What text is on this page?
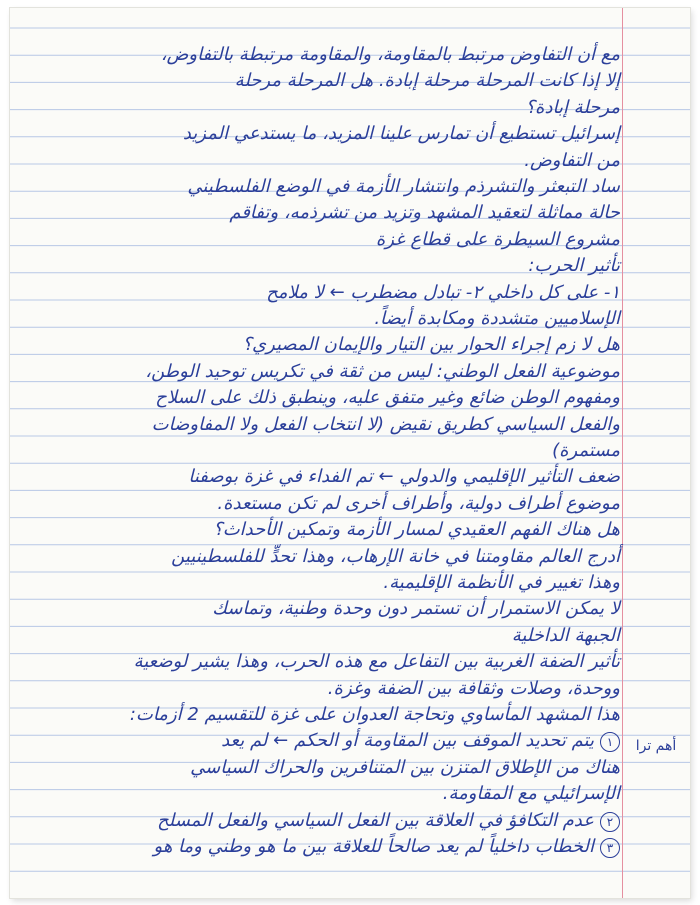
مع أن التفاوض مرتبط بالمقاومة، والمقاومة مرتبطة بالتفاوض،
إلا إذا كانت المرحلة مرحلة إبادة. هل المرحلة مرحلة
مرحلة إبادة؟
إسرائيل تستطيع أن تمارس علينا المزيد، ما يستدعي المزيد
من التفاوض.
ساد التبعثر والتشرذم وانتشار الأزمة في الوضع الفلسطيني
حالة مماثلة لتعقيد المشهد وتزيد من تشرذمه، وتفاقم
مشروع السيطرة على قطاع غزة
تأثير الحرب:
١- على كل داخلي ٢- تبادل مضطرب ← لا ملامح
الإسلاميين متشددة ومكابدة أيضاً.
هل لا زم إجراء الحوار بين التيار والإيمان المصيري؟
موضوعية الفعل الوطني: ليس من ثقة في تكريس توحيد الوطن،
ومفهوم الوطن ضائع وغير متفق عليه، وينطبق ذلك على السلاح
والفعل السياسي كطريق نقيض (لا انتخاب الفعل ولا المفاوضات
مستمرة)
ضعف التأثير الإقليمي والدولي ← تم الفداء في غزة بوصفنا
موضوع أطراف دولية، وأطراف أخرى لم تكن مستعدة.
هل هناك الفهم العقيدي لمسار الأزمة وتمكين الأحداث؟
أدرج العالم مقاومتنا في خانة الإرهاب، وهذا تحدٍّ للفلسطينيين
وهذا تغيير في الأنظمة الإقليمية.
لا يمكن الاستمرار أن تستمر دون وحدة وطنية، وتماسك
الجبهة الداخلية
تأثير الضفة الغربية بين التفاعل مع هذه الحرب، وهذا يشير لوضعية
ووحدة، وصلات وثقافة بين الضفة وغزة.
هذا المشهد المأساوي وتحاجة العدوان على غزة للتقسيم 2 أزمات:
١يتم تحديد الموقف بين المقاومة أو الحكم ← لم يعد
هناك من الإطلاق المتزن بين المتنافرين والحراك السياسي
الإسرائيلي مع المقاومة.
٢عدم التكافؤ في العلاقة بين الفعل السياسي والفعل المسلح
٣الخطاب داخلياً لم يعد صالحاً للعلاقة بين ما هو وطني وما هو
أهم ترا
